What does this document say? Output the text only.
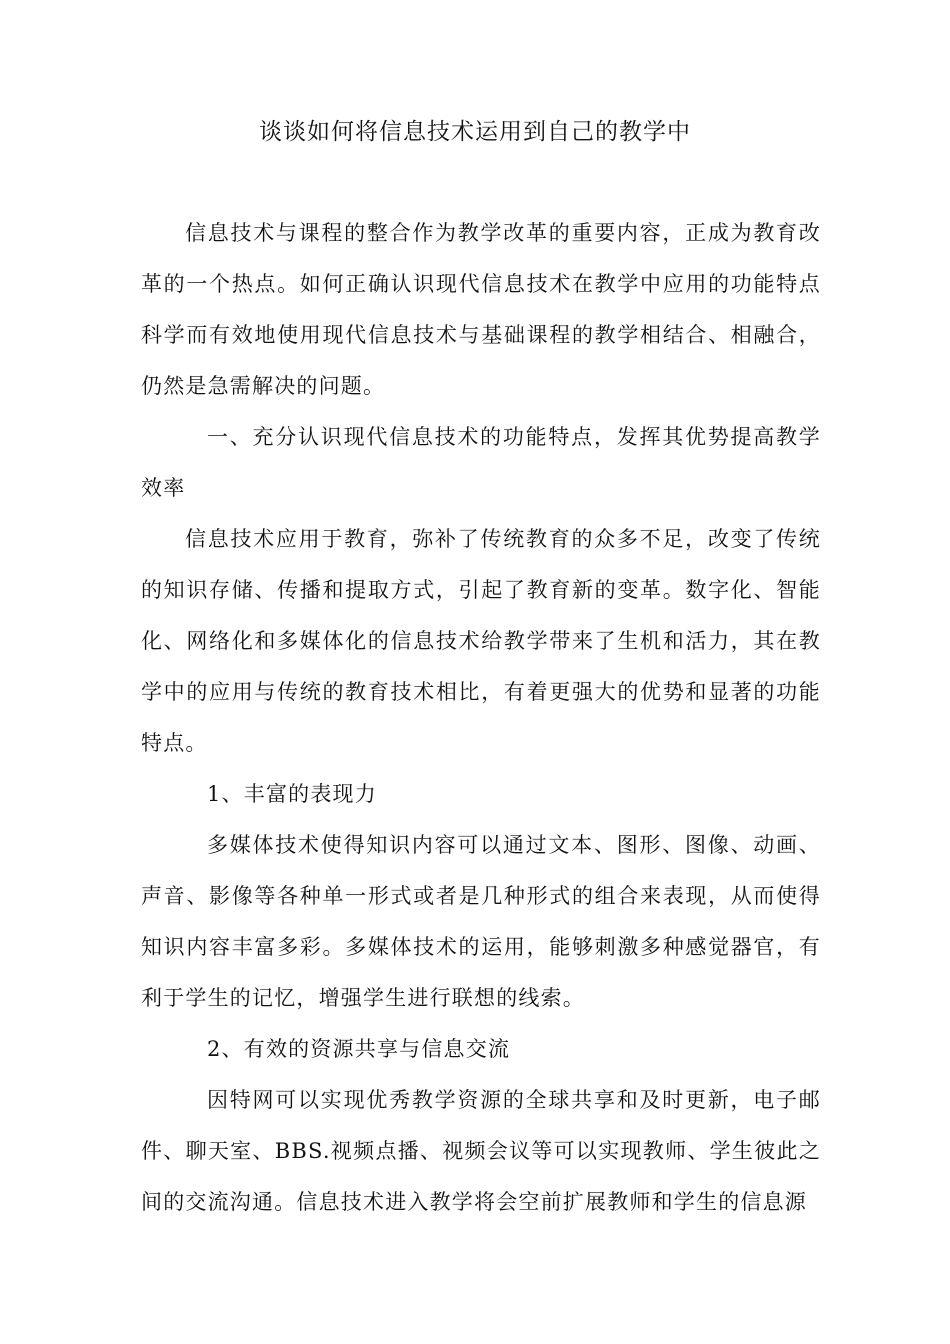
谈谈如何将信息技术运用到自己的教学中

信息技术与课程的整合作为教学改革的重要内容，正成为教育改革的一个热点。如何正确认识现代信息技术在教学中应用的功能特点科学而有效地使用现代信息技术与基础课程的教学相结合、相融合，仍然是急需解决的问题。

一、充分认识现代信息技术的功能特点，发挥其优势提高教学效率

信息技术应用于教育，弥补了传统教育的众多不足，改变了传统的知识存储、传播和提取方式，引起了教育新的变革。数字化、智能化、网络化和多媒体化的信息技术给教学带来了生机和活力，其在教学中的应用与传统的教育技术相比，有着更强大的优势和显著的功能特点。

1、丰富的表现力

多媒体技术使得知识内容可以通过文本、图形、图像、动画、声音、影像等各种单一形式或者是几种形式的组合来表现，从而使得知识内容丰富多彩。多媒体技术的运用，能够刺激多种感觉器官，有利于学生的记忆，增强学生进行联想的线索。

2、有效的资源共享与信息交流

因特网可以实现优秀教学资源的全球共享和及时更新，电子邮件、聊天室、BBS.视频点播、视频会议等可以实现教师、学生彼此之间的交流沟通。信息技术进入教学将会空前扩展教师和学生的信息源
